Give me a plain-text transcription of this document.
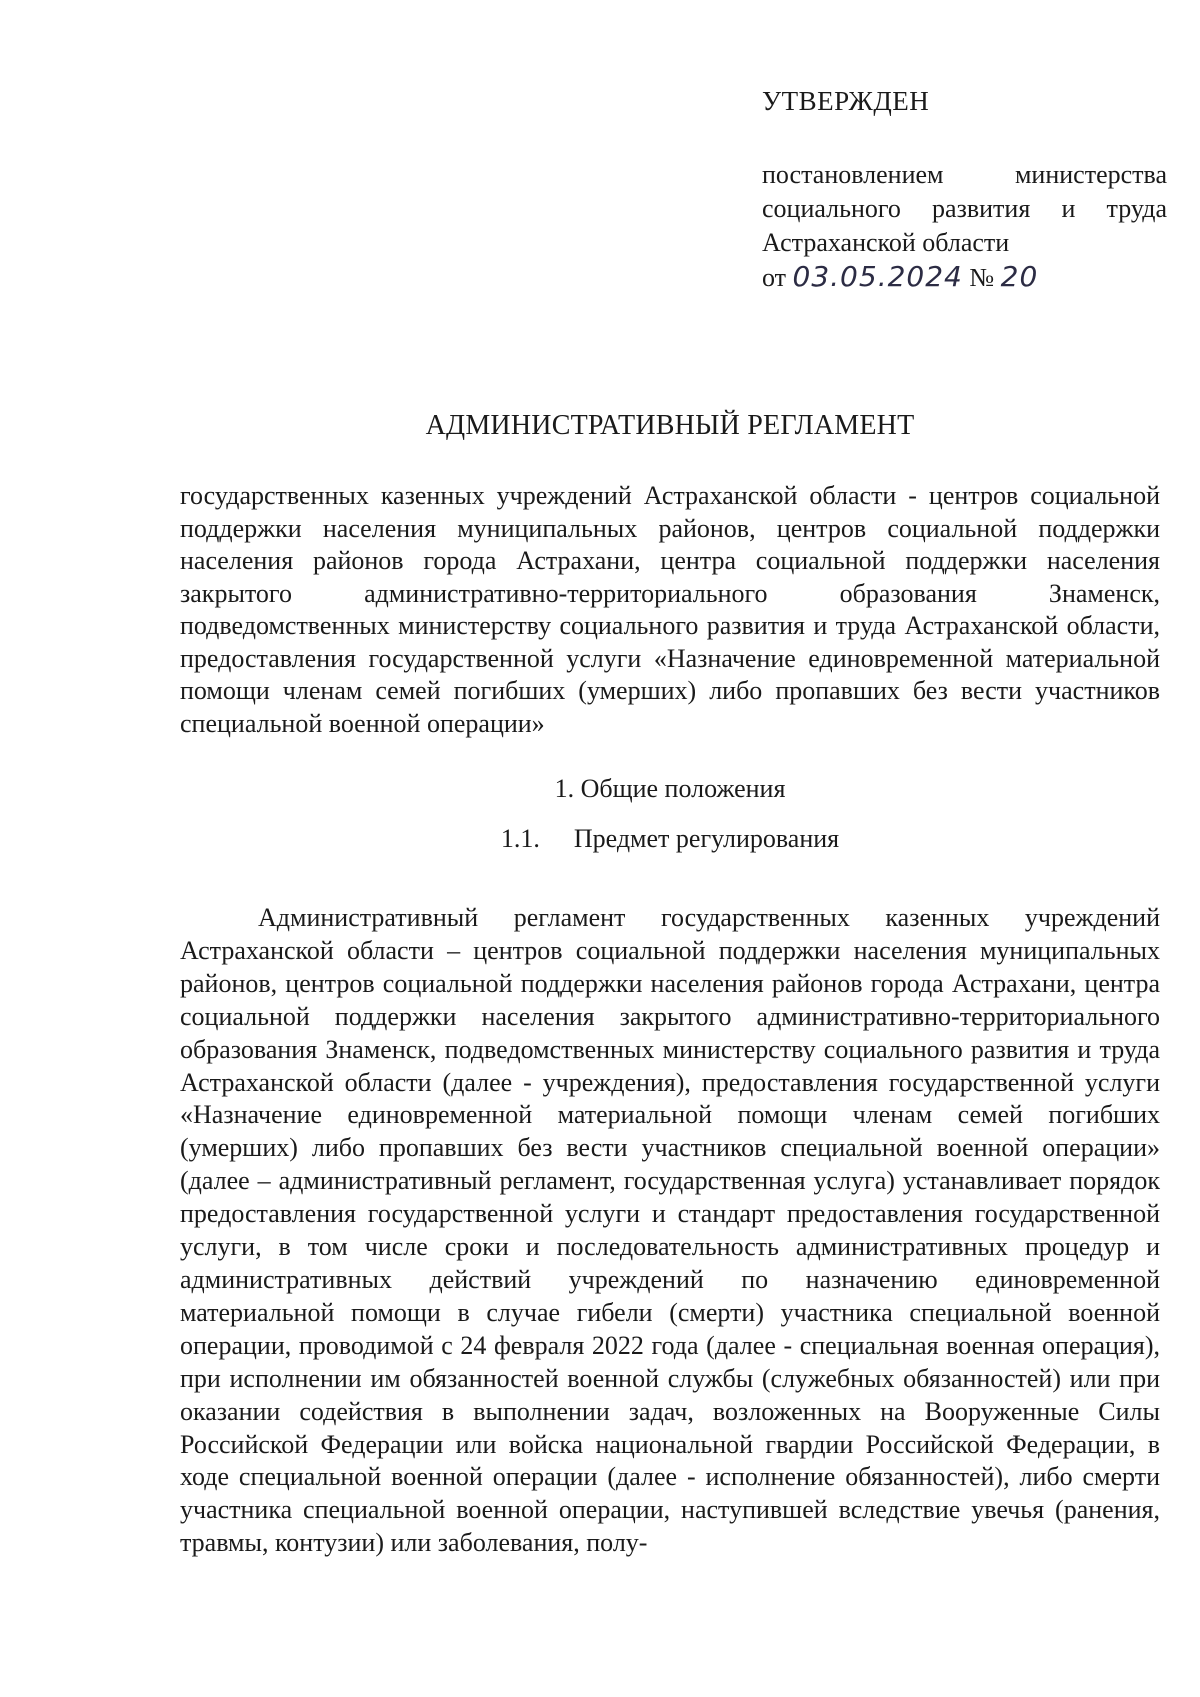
УТВЕРЖДЕН

постановлением министерства

социального развития и труда

Астраханской области

от 03.05.2024 № 20

АДМИНИСТРАТИВНЫЙ РЕГЛАМЕНТ

государственных казенных учреждений Астраханской области - центров социальной поддержки населения муниципальных районов, центров социальной поддержки населения районов города Астрахани, центра социальной поддержки населения закрытого административно-территориального образования Знаменск, подведомственных министерству социального развития и труда Астраханской области, предоставления государственной услуги «Назначение единовременной материальной помощи членам семей погибших (умерших) либо пропавших без вести участников специальной военной операции»

1. Общие положения
1.1. Предмет регулирования

Административный регламент государственных казенных учреждений Астраханской области – центров социальной поддержки населения муниципальных районов, центров социальной поддержки населения районов города Астрахани, центра социальной поддержки населения закрытого административно-территориального образования Знаменск, подведомственных министерству социального развития и труда Астраханской области (далее - учреждения), предоставления государственной услуги «Назначение единовременной материальной помощи членам семей погибших (умерших) либо пропавших без вести участников специальной военной операции» (далее – административный регламент, государственная услуга) устанавливает порядок предоставления государственной услуги и стандарт предоставления государственной услуги, в том числе сроки и последовательность административных процедур и административных действий учреждений по назначению единовременной материальной помощи в случае гибели (смерти) участника специальной военной операции, проводимой с 24 февраля 2022 года (далее - специальная военная операция), при исполнении им обязанностей военной службы (служебных обязанностей) или при оказании содействия в выполнении задач, возложенных на Вооруженные Силы Российской Федерации или войска национальной гвардии Российской Федерации, в ходе специальной военной операции (далее - исполнение обязанностей), либо смерти участника специальной военной операции, наступившей вследствие увечья (ранения, травмы, контузии) или заболевания, полу-
